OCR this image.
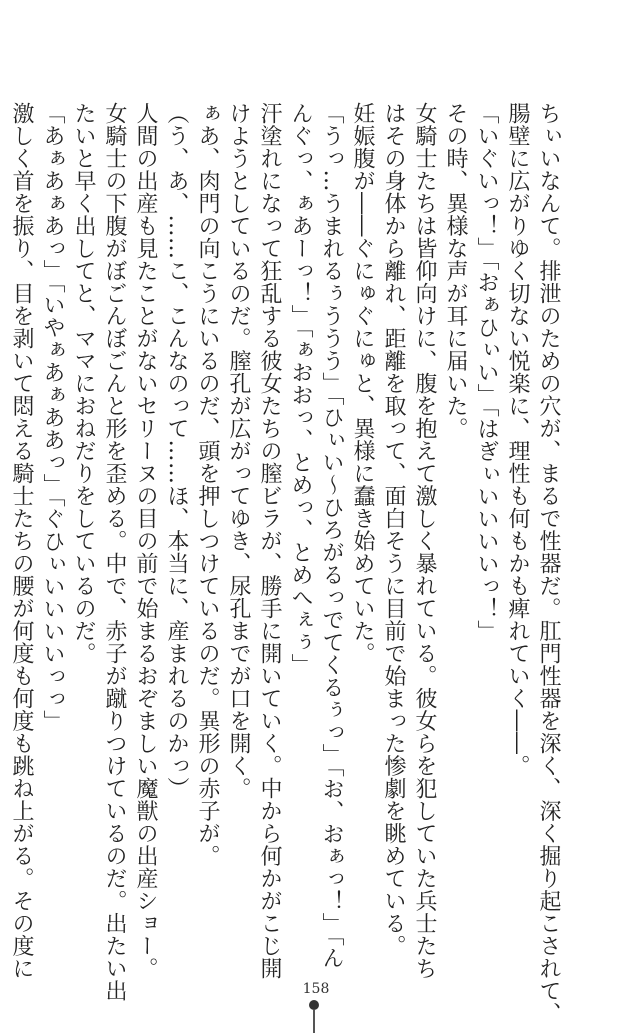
ちぃいなんて。排泄のための穴が、まるで性器だ。肛門性器を深く、深く掘り起こされて、
腸壁に広がりゆく切ない悦楽に、理性も何もかも痺れていく――。
「いぐいっ！」「おぁひぃい」「はぎぃいいいいっ！」
その時、異様な声が耳に届いた。
女騎士たちは皆仰向けに、腹を抱えて激しく暴れている。彼女らを犯していた兵士たち
はその身体から離れ、距離を取って、面白そうに目前で始まった惨劇を眺めている。
妊娠腹が――ぐにゅぐにゅと、異様に蠢き始めていた。
「うっ…うまれるぅううう」「ひぃい～ひろがるっでてくるぅっ」「お、おぁっ！」「ん
んぐっ、ぁあーっ！」「ぁおおっ、とめっ、とめへぇぅ」
汗塗れになって狂乱する彼女たちの膣ビラが、勝手に開いていく。中から何かがこじ開
けようとしているのだ。膣孔が広がってゆき、尿孔までが口を開く。
ぁあ、肉門の向こうにいるのだ、頭を押しつけているのだ。異形の赤子が。
（う、あ、……こ、こんなのって……ほ、本当に、産まれるのかっ）
人間の出産も見たことがないセリーヌの目の前で始まるおぞましい魔獣の出産ショー。
女騎士の下腹がぼごんぼごんと形を歪める。中で、赤子が蹴りつけているのだ。出たい出
たいと早く出してと、ママにおねだりをしているのだ。
「あぁあぁあっ」「いやぁあぁああっ」「ぐひぃいいいいっっ」
激しく首を振り、目を剥いて悶える騎士たちの腰が何度も何度も跳ね上がる。その度に
158
